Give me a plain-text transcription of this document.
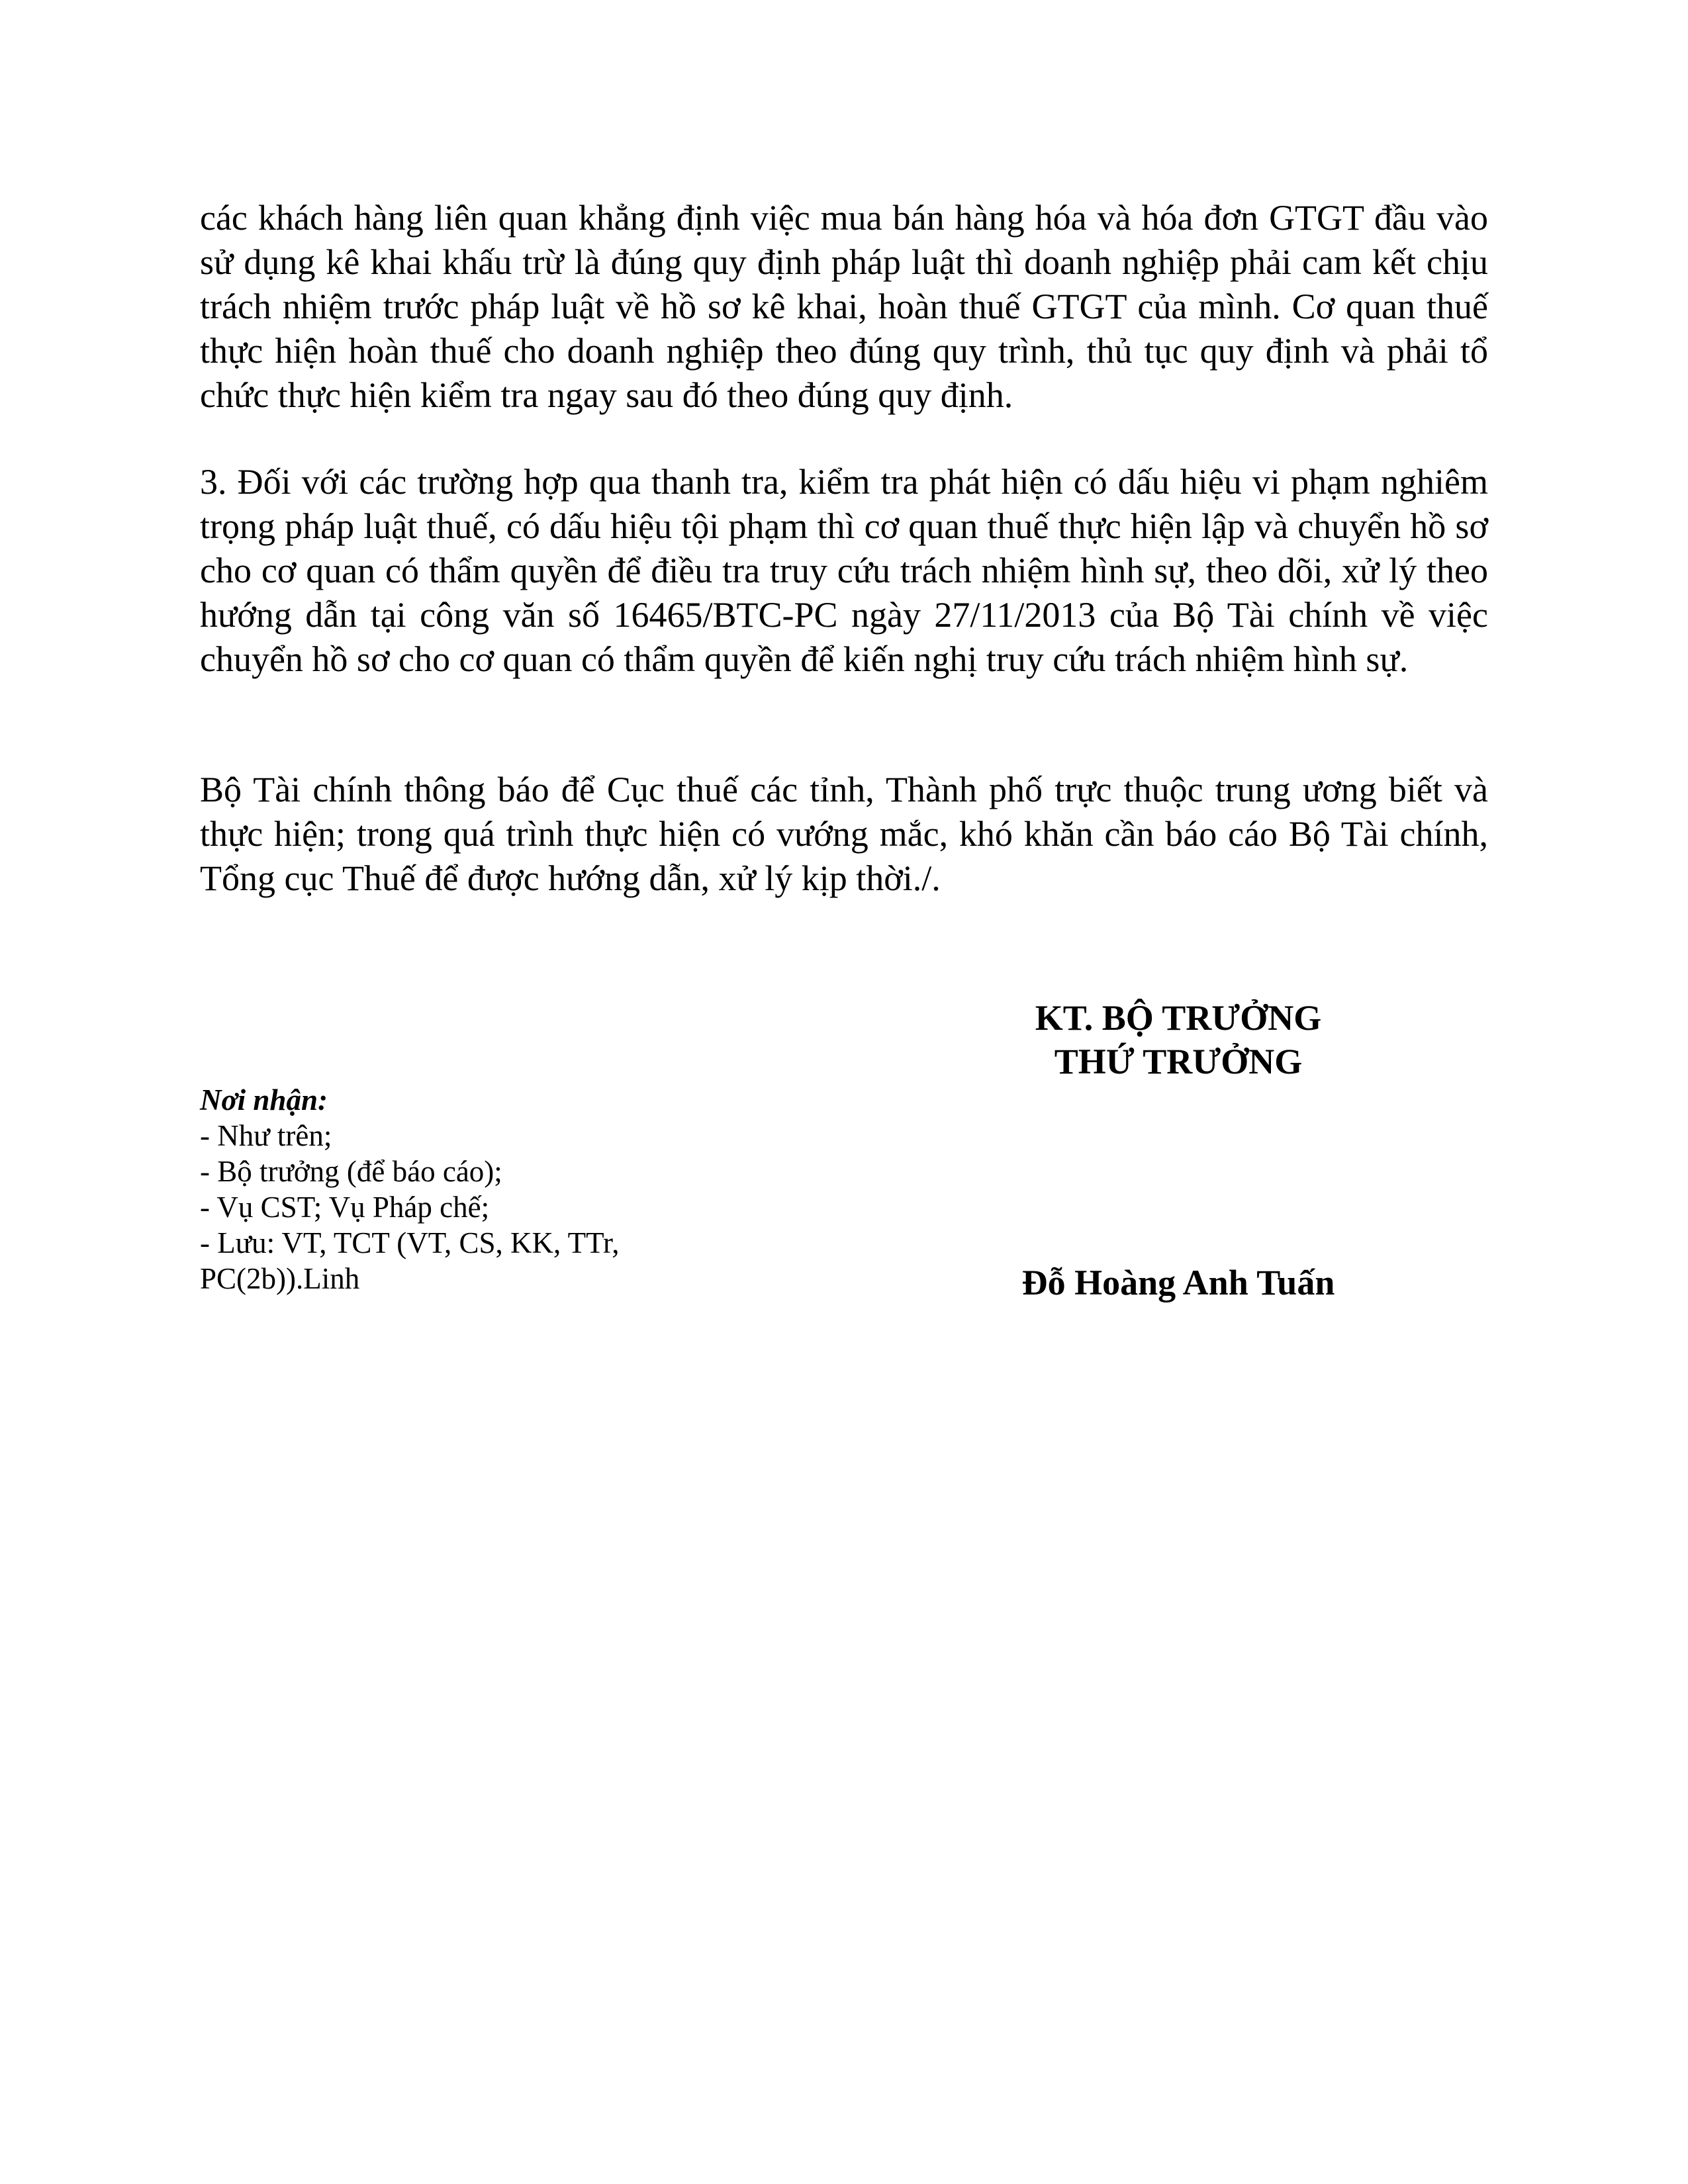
các khách hàng liên quan khẳng định việc mua bán hàng hóa và hóa đơn GTGT đầu vào sử dụng kê khai khấu trừ là đúng quy định pháp luật thì doanh nghiệp phải cam kết chịu trách nhiệm trước pháp luật về hồ sơ kê khai, hoàn thuế GTGT của mình. Cơ quan thuế thực hiện hoàn thuế cho doanh nghiệp theo đúng quy trình, thủ tục quy định và phải tổ chức thực hiện kiểm tra ngay sau đó theo đúng quy định.

3. Đối với các trường hợp qua thanh tra, kiểm tra phát hiện có dấu hiệu vi phạm nghiêm trọng pháp luật thuế, có dấu hiệu tội phạm thì cơ quan thuế thực hiện lập và chuyển hồ sơ cho cơ quan có thẩm quyền để điều tra truy cứu trách nhiệm hình sự, theo dõi, xử lý theo hướng dẫn tại công văn số 16465/BTC-PC ngày 27/11/2013 của Bộ Tài chính về việc chuyển hồ sơ cho cơ quan có thẩm quyền để kiến nghị truy cứu trách nhiệm hình sự.

Bộ Tài chính thông báo để Cục thuế các tỉnh, Thành phố trực thuộc trung ương biết và thực hiện; trong quá trình thực hiện có vướng mắc, khó khăn cần báo cáo Bộ Tài chính, Tổng cục Thuế để được hướng dẫn, xử lý kịp thời./.

KT. BỘ TRƯỞNG
THỨ TRƯỞNG
Nơi nhận:
- Như trên;
- Bộ trưởng (để báo cáo);
- Vụ CST; Vụ Pháp chế;
- Lưu: VT, TCT (VT, CS, KK, TTr, PC(2b)).Linh	Đỗ Hoàng Anh Tuấn
